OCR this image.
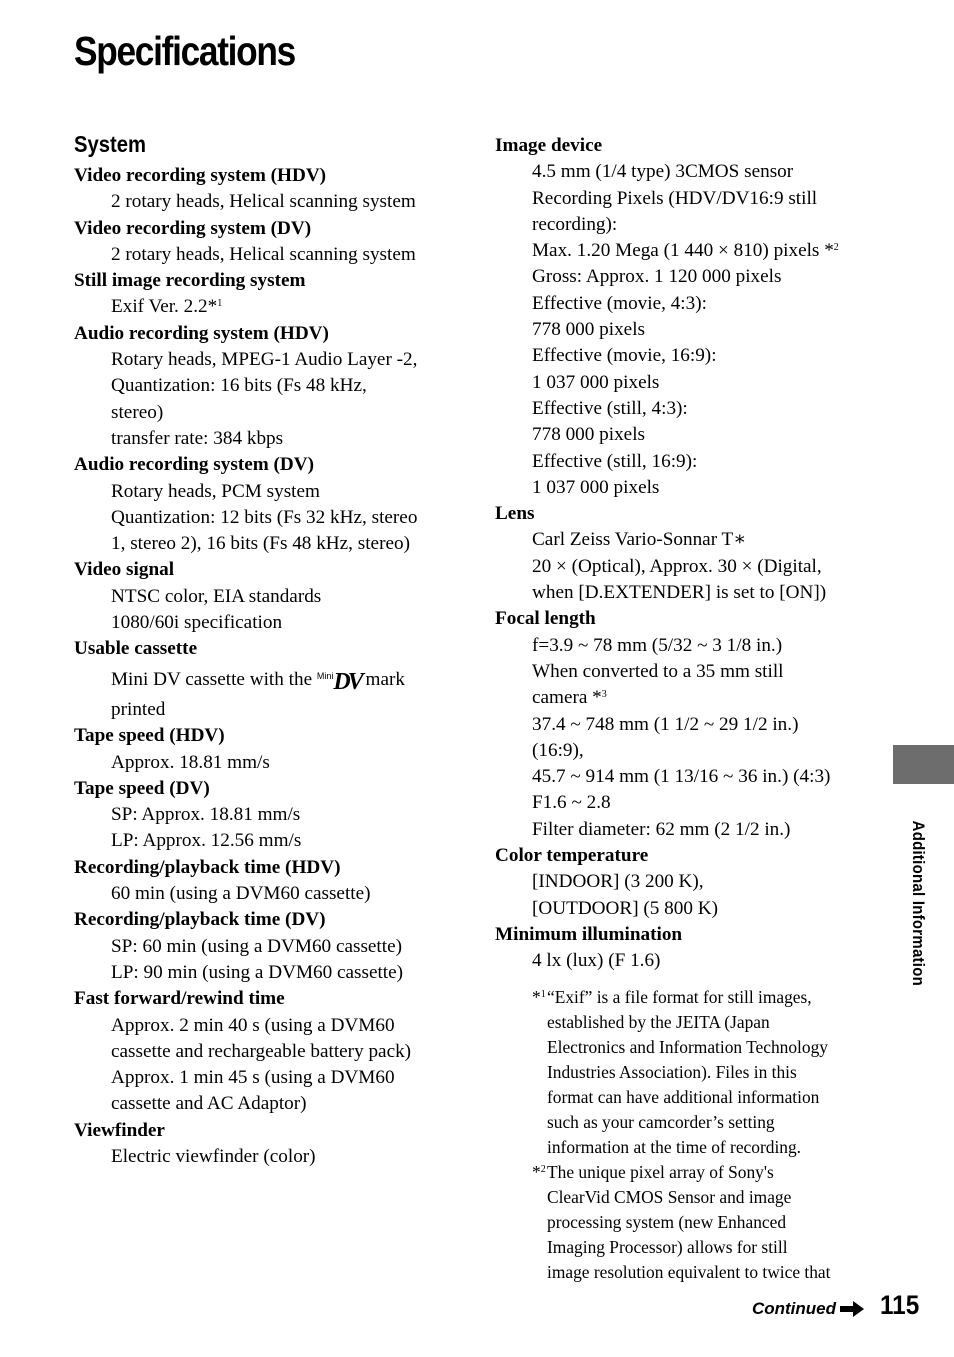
Specifications
System
Video recording system (HDV)
2 rotary heads, Helical scanning system
Video recording system (DV)
2 rotary heads, Helical scanning system
Still image recording system
Exif Ver. 2.2*$^1$
Audio recording system (HDV)
Rotary heads, MPEG-1 Audio Layer -2,
Quantization: 16 bits (Fs 48 kHz,
stereo)
transfer rate: 384 kbps
Audio recording system (DV)
Rotary heads, PCM system
Quantization: 12 bits (Fs 32 kHz, stereo
1, stereo 2), 16 bits (Fs 48 kHz, stereo)
Video signal
NTSC color, EIA standards
1080/60i specification
Usable cassette
Mini DV cassette with the $^{Mini}$DV mark
printed
Tape speed (HDV)
Approx. 18.81 mm/s
Tape speed (DV)
SP: Approx. 18.81 mm/s
LP: Approx. 12.56 mm/s
Recording/playback time (HDV)
60 min (using a DVM60 cassette)
Recording/playback time (DV)
SP: 60 min (using a DVM60 cassette)
LP: 90 min (using a DVM60 cassette)
Fast forward/rewind time
Approx. 2 min 40 s (using a DVM60
cassette and rechargeable battery pack)
Approx. 1 min 45 s (using a DVM60
cassette and AC Adaptor)
Viewfinder
Electric viewfinder (color)
Image device
4.5 mm (1/4 type) 3CMOS sensor
Recording Pixels (HDV/DV16:9 still
recording):
Max. 1.20 Mega (1 440 × 810) pixels *$^2$
Gross: Approx. 1 120 000 pixels
Effective (movie, 4:3):
778 000 pixels
Effective (movie, 16:9):
1 037 000 pixels
Effective (still, 4:3):
778 000 pixels
Effective (still, 16:9):
1 037 000 pixels
Lens
Carl Zeiss Vario-Sonnar T∗
20 × (Optical), Approx. 30 × (Digital,
when [D.EXTENDER] is set to [ON])
Focal length
f=3.9 ~ 78 mm (5/32 ~ 3 1/8 in.)
When converted to a 35 mm still
camera *$^3$
37.4 ~ 748 mm (1 1/2 ~ 29 1/2 in.)
(16:9),
45.7 ~ 914 mm (1 13/16 ~ 36 in.) (4:3)
F1.6 ~ 2.8
Filter diameter: 62 mm (2 1/2 in.)
Color temperature
[INDOOR] (3 200 K),
[OUTDOOR] (5 800 K)
Minimum illumination
4 lx (lux) (F 1.6)
*$^1$ “Exif” is a file format for still images,
established by the JEITA (Japan
Electronics and Information Technology
Industries Association). Files in this
format can have additional information
such as your camcorder’s setting
information at the time of recording.
*$^2$ The unique pixel array of Sony's
ClearVid CMOS Sensor and image
processing system (new Enhanced
Imaging Processor) allows for still
image resolution equivalent to twice that
Additional Information
Continued 115
